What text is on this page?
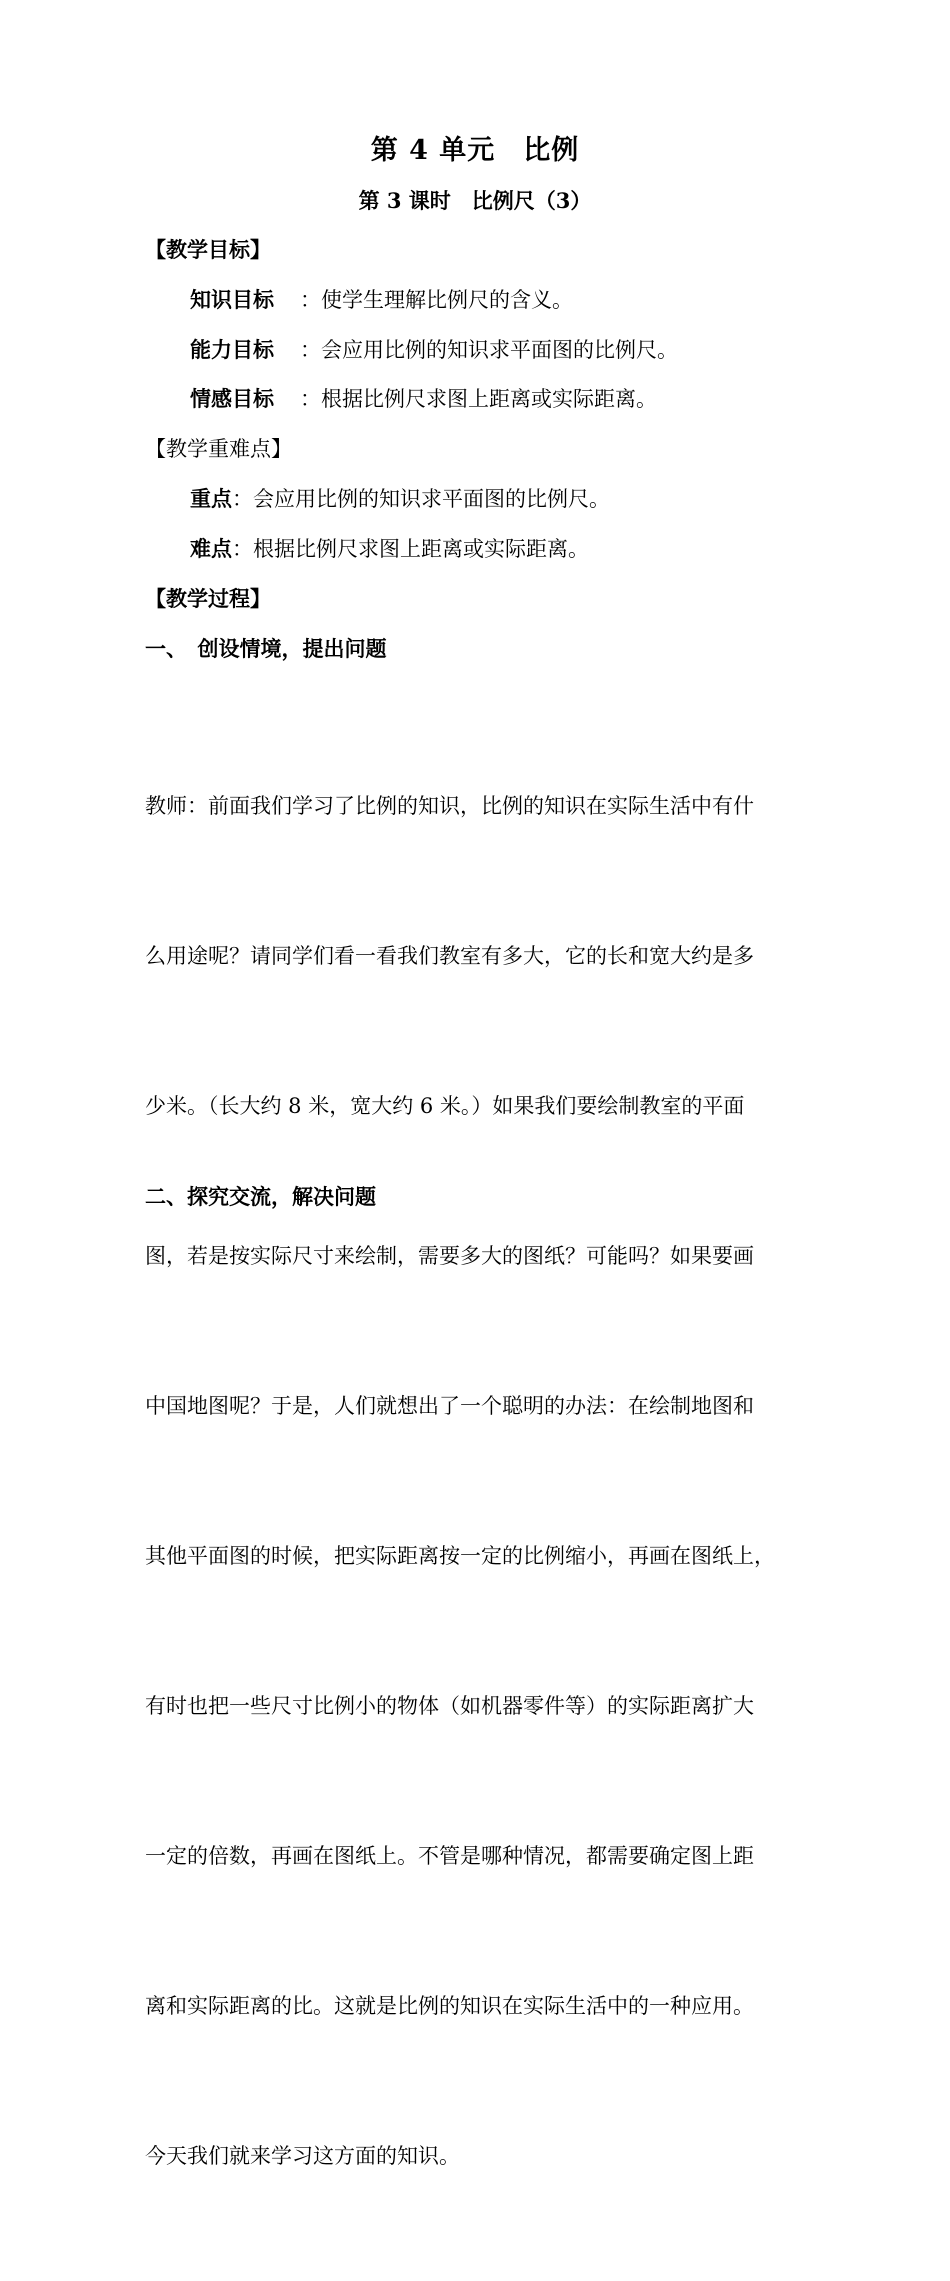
第 4 单元　比例
第 3 课时　比例尺（3）
【教学目标】
知识目标 ：使学生理解比例尺的含义。
能力目标 ：会应用比例的知识求平面图的比例尺。
情感目标 ：根据比例尺求图上距离或实际距离。
【教学重难点】
重点：会应用比例的知识求平面图的比例尺。
难点：根据比例尺求图上距离或实际距离。
【教学过程】
一、　创设情境，提出问题

教师：前面我们学习了比例的知识，比例的知识在实际生活中有什

么用途呢？请同学们看一看我们教室有多大，它的长和宽大约是多

少米。（长大约 8 米，宽大约 6 米。）如果我们要绘制教室的平面

图，若是按实际尺寸来绘制，需要多大的图纸？可能吗？如果要画

中国地图呢？于是，人们就想出了一个聪明的办法：在绘制地图和

其他平面图的时候，把实际距离按一定的比例缩小，再画在图纸上，

有时也把一些尺寸比例小的物体（如机器零件等）的实际距离扩大

一定的倍数，再画在图纸上。不管是哪种情况，都需要确定图上距

离和实际距离的比。这就是比例的知识在实际生活中的一种应用。

今天我们就来学习这方面的知识。

二、探究交流，解决问题
